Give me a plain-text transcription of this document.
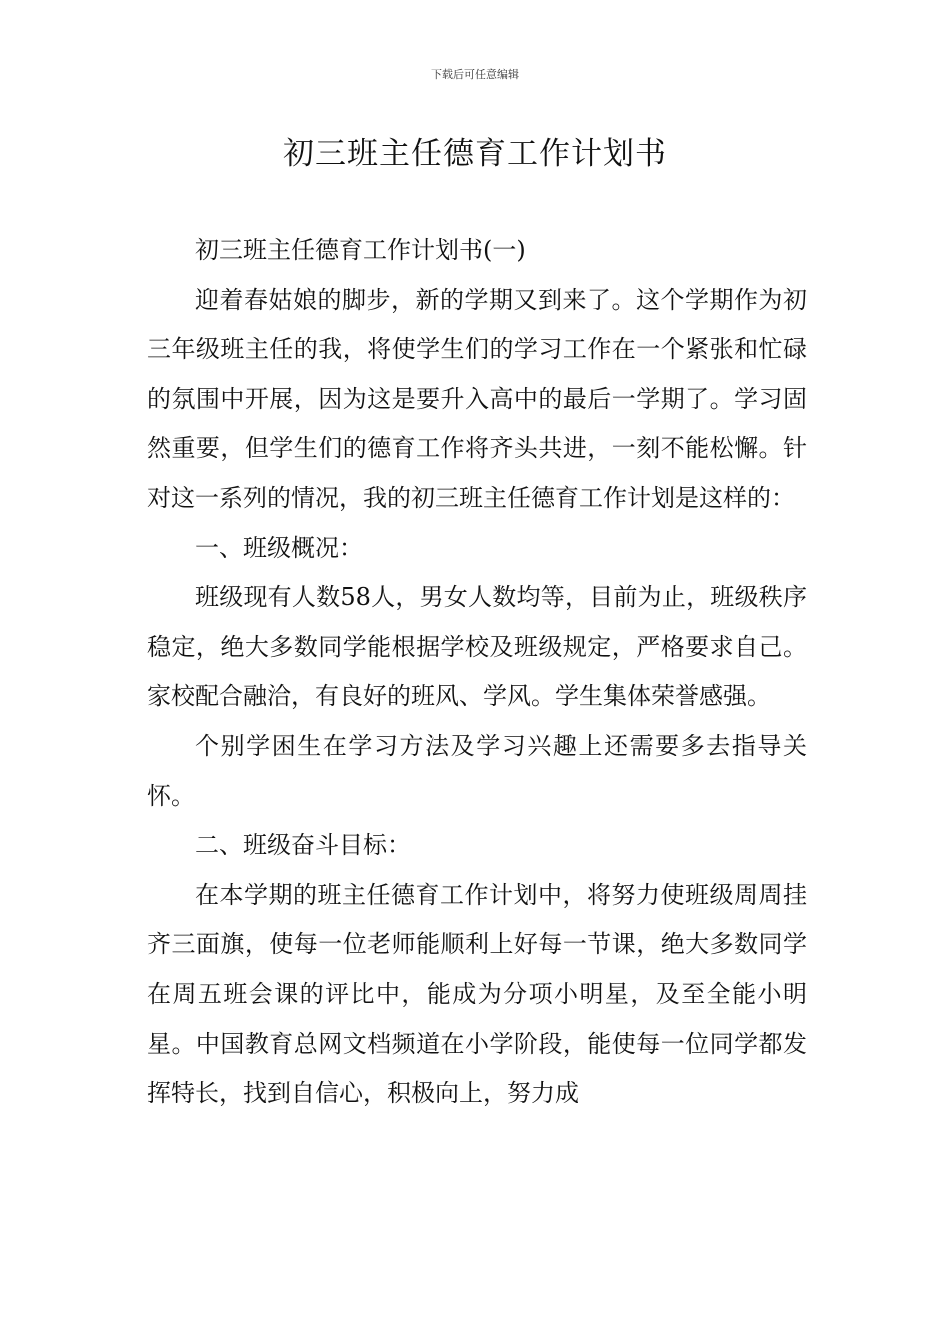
下载后可任意编辑
初三班主任德育工作计划书

初三班主任德育工作计划书(一)

迎着春姑娘的脚步，新的学期又到来了。这个学期作为初三年级班主任的我，将使学生们的学习工作在一个紧张和忙碌的氛围中开展，因为这是要升入高中的最后一学期了。学习固然重要，但学生们的德育工作将齐头共进，一刻不能松懈。针对这一系列的情况，我的初三班主任德育工作计划是这样的：

一、班级概况：

班级现有人数58人，男女人数均等，目前为止，班级秩序稳定，绝大多数同学能根据学校及班级规定，严格要求自己。家校配合融洽，有良好的班风、学风。学生集体荣誉感强。

个别学困生在学习方法及学习兴趣上还需要多去指导关怀。

二、班级奋斗目标：

在本学期的班主任德育工作计划中，将努力使班级周周挂齐三面旗，使每一位老师能顺利上好每一节课，绝大多数同学在周五班会课的评比中，能成为分项小明星，及至全能小明星。中国教育总网文档频道在小学阶段，能使每一位同学都发挥特长，找到自信心，积极向上，努力成
